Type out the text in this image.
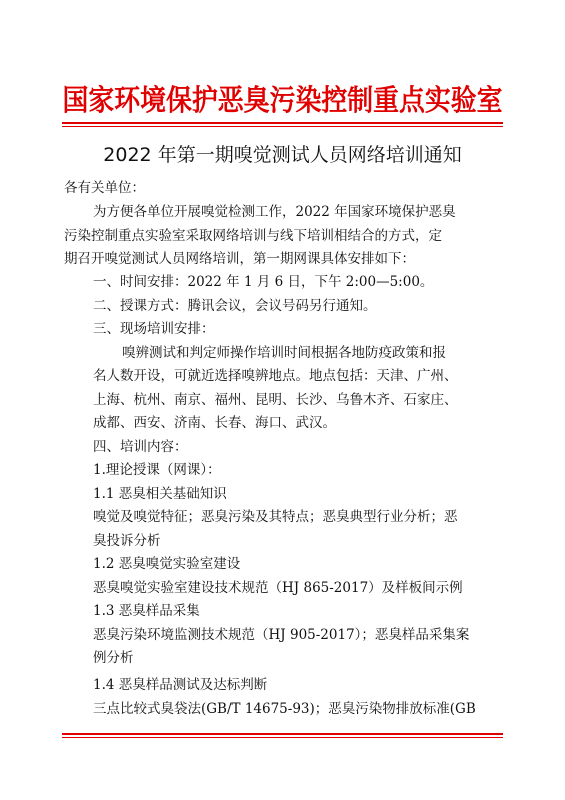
国家环境保护恶臭污染控制重点实验室
2022 年第一期嗅觉测试人员网络培训通知
各有关单位：
为方便各单位开展嗅觉检测工作，2022 年国家环境保护恶臭
污染控制重点实验室采取网络培训与线下培训相结合的方式，定
期召开嗅觉测试人员网络培训，第一期网课具体安排如下：
一、时间安排：2022 年 1 月 6 日，下午 2:00—5:00。
二、授课方式：腾讯会议，会议号码另行通知。
三、现场培训安排：
嗅辨测试和判定师操作培训时间根据各地防疫政策和报
名人数开设，可就近选择嗅辨地点。地点包括：天津、广州、
上海、杭州、南京、福州、昆明、长沙、乌鲁木齐、石家庄、
成都、西安、济南、长春、海口、武汉。
四、培训内容：
1.理论授课（网课）：
1.1 恶臭相关基础知识
嗅觉及嗅觉特征；恶臭污染及其特点；恶臭典型行业分析；恶
臭投诉分析
1.2 恶臭嗅觉实验室建设
恶臭嗅觉实验室建设技术规范（HJ 865-2017）及样板间示例
1.3 恶臭样品采集
恶臭污染环境监测技术规范（HJ 905-2017）；恶臭样品采集案
例分析
1.4 恶臭样品测试及达标判断
三点比较式臭袋法(GB/T 14675-93)；恶臭污染物排放标准(GB
